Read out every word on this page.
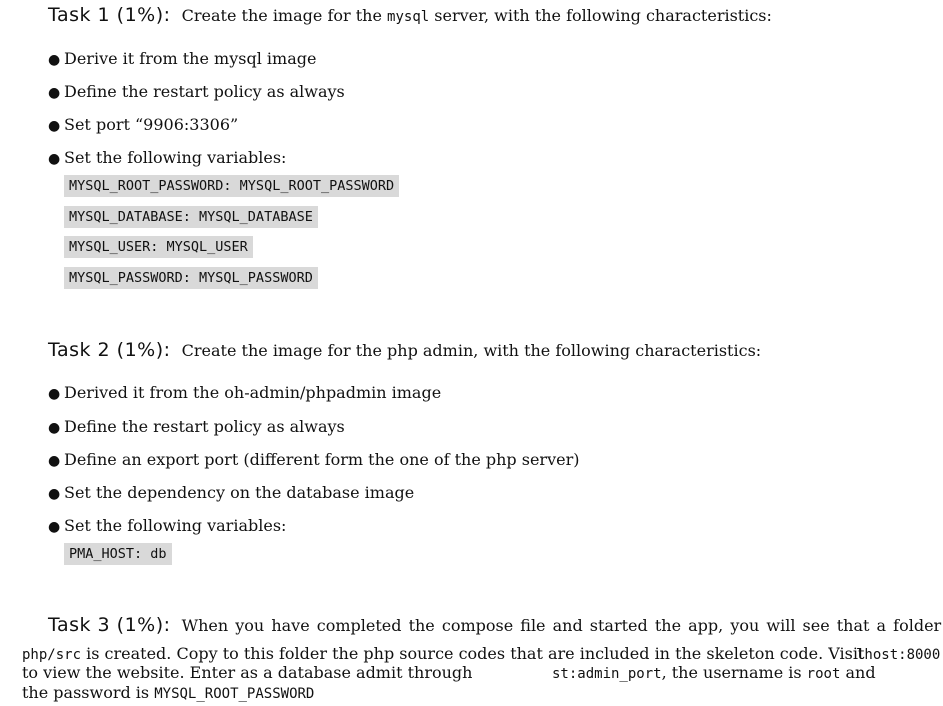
Task 1 (1%): Create the image for the mysql server, with the following characteristics:
● Derive it from the mysql image
● Define the restart policy as always
● Set port “9906:3306”
● Set the following variables:
MYSQL_ROOT_PASSWORD: MYSQL_ROOT_PASSWORD
MYSQL_DATABASE: MYSQL_DATABASE
MYSQL_USER: MYSQL_USER
MYSQL_PASSWORD: MYSQL_PASSWORD
Task 2 (1%): Create the image for the php admin, with the following characteristics:
● Derived it from the oh-admin/phpadmin image
● Define the restart policy as always
● Define an export port (different form the one of the php server)
● Set the dependency on the database image
● Set the following variables:
PMA_HOST: db
Task 3 (1%): When you have completed the compose file and started the app, you will see that a folder
php/src is created. Copy to this folder the php source codes that are included in the skeleton code. Visit
lhost:8000
to view the website. Enter as a database admit through	st:admin_port, the username is root and
the password is MYSQL_ROOT_PASSWORD
